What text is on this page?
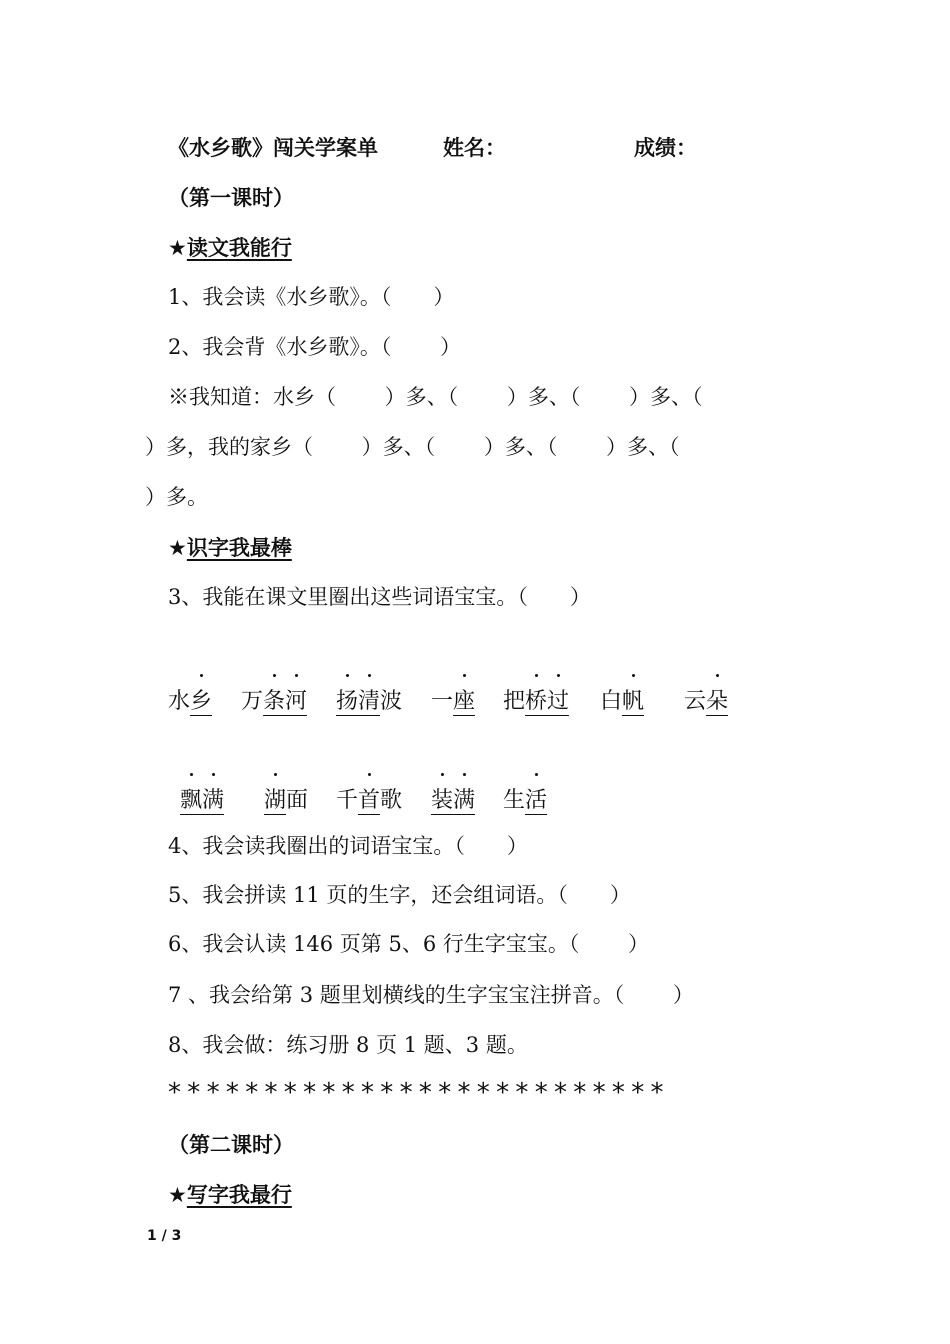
《水乡歌》闯关学案单	姓名：	成绩：
（第一课时）
★读文我能行
1、我会读《水乡歌》。（　　）
2、我会背《水乡歌》。（　　 ）
※我知道：水乡（　　 ）多、（　　 ）多、（　　 ）多、（
）多，我的家乡（　　 ）多、（　　 ）多、（　　 ）多、（
）多。
★识字我最棒
3、我能在课文里圈出这些词语宝宝。（　　）
水乡 万条河 扬清波 一座 把桥过 白帆 云朵
飘满 湖面 千首歌 装满 生活
4、我会读我圈出的词语宝宝。（　　）
5、我会拼读 11 页的生字，还会组词语。（　　）
6、我会认读 146 页第 5、6 行生字宝宝。（　　 ）
7 、我会给第 3 题里划横线的生字宝宝注拼音。（　　 ）
8、我会做：练习册 8 页 1 题、3 题。
**************************
（第二课时）
★写字我最行
1 / 3
